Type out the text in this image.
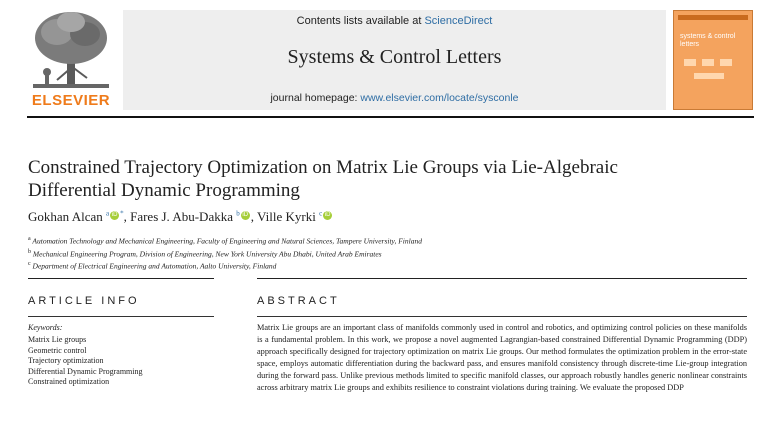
ELSEVIER
Contents lists available at ScienceDirect
Systems & Control Letters
journal homepage: www.elsevier.com/locate/sysconle
systems & control letters
Constrained Trajectory Optimization on Matrix Lie Groups via Lie-Algebraic Differential Dynamic Programming
Gokhan Alcan $^a$ iD *, Fares J. Abu-Dakka $^b$ iD , Ville Kyrki $^c$ iD
$^a$ Automation Technology and Mechanical Engineering, Faculty of Engineering and Natural Sciences, Tampere University, Finland
$^b$ Mechanical Engineering Program, Division of Engineering, New York University Abu Dhabi, United Arab Emirates
$^c$ Department of Electrical Engineering and Automation, Aalto University, Finland
ARTICLE INFO	ABSTRACT
Keywords:
Matrix Lie groups
Geometric control
Trajectory optimization
Differential Dynamic Programming
Constrained optimization
Matrix Lie groups are an important class of manifolds commonly used in control and robotics, and optimizing control policies on these manifolds is a fundamental problem. In this work, we propose a novel augmented Lagrangian-based constrained Differential Dynamic Programming (DDP) approach specifically designed for trajectory optimization on matrix Lie groups. Our method formulates the optimization problem in the error-state space, employs automatic differentiation during the backward pass, and ensures manifold consistency through discrete-time Lie-group integration during the forward pass. Unlike previous methods limited to specific manifold classes, our approach robustly handles generic nonlinear constraints across arbitrary matrix Lie groups and exhibits resilience to constraint violations during training. We evaluate the proposed DDP
